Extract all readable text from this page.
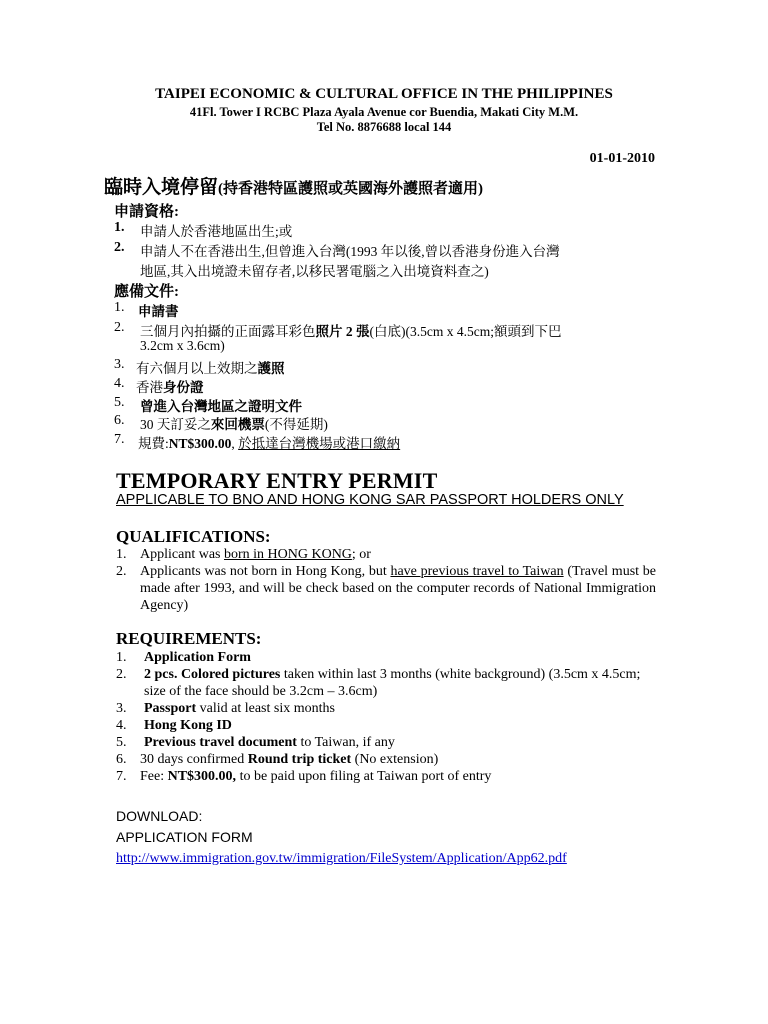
TAIPEI ECONOMIC & CULTURAL OFFICE IN THE PHILIPPINES
41Fl. Tower I RCBC Plaza Ayala Avenue cor Buendia, Makati City M.M.
Tel No. 8876688 local 144
01-01-2010
臨時入境停留(持香港特區護照或英國海外護照者適用)
申請資格:
1. 申請人於香港地區出生;或
2. 申請人不在香港出生,但曾進入台灣(1993 年以後,曾以香港身份進入台灣
地區,其入出境證未留存者,以移民署電腦之入出境資料查之)
應備文件:
1. 申請書
2. 三個月內拍攝的正面露耳彩色照片 2 張(白底)(3.5cm x 4.5cm;額頭到下巴
3.2cm x 3.6cm)
3. 有六個月以上效期之護照
4. 香港身份證
5. 曾進入台灣地區之證明文件
6. 30 天訂妥之來回機票(不得延期)
7. 規費:NT$300.00, 於抵達台灣機場或港口繳納
TEMPORARY ENTRY PERMIT
APPLICABLE TO BNO AND HONG KONG SAR PASSPORT HOLDERS ONLY
QUALIFICATIONS:
1. Applicant was born in HONG KONG; or
2. Applicants was not born in Hong Kong, but have previous travel to Taiwan (Travel must be made after 1993, and will be check based on the computer records of National Immigration Agency)
REQUIREMENTS:
1. Application Form
2. 2 pcs. Colored pictures taken within last 3 months (white background) (3.5cm x 4.5cm; size of the face should be 3.2cm – 3.6cm)
3. Passport valid at least six months
4. Hong Kong ID
5. Previous travel document to Taiwan, if any
6. 30 days confirmed Round trip ticket (No extension)
7. Fee: NT$300.00, to be paid upon filing at Taiwan port of entry
DOWNLOAD:
APPLICATION FORM
http://www.immigration.gov.tw/immigration/FileSystem/Application/App62.pdf
